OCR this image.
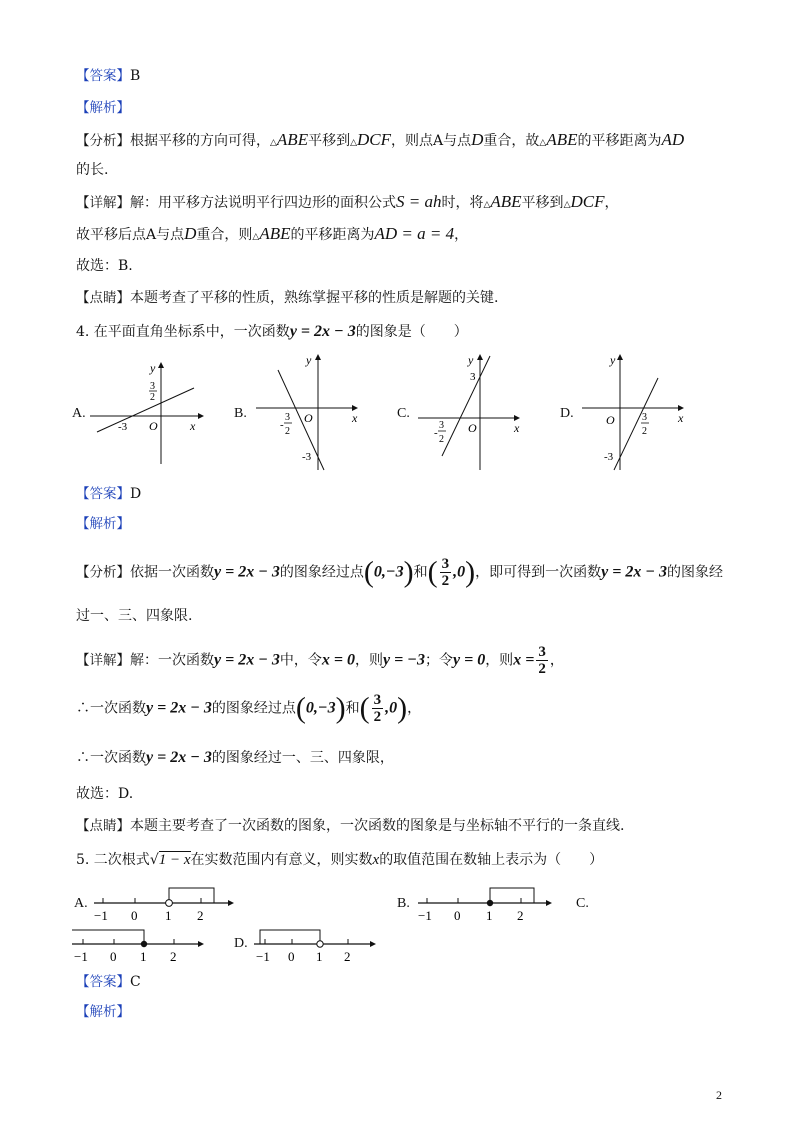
【答案】B
【解析】
【分析】根据平移的方向可得，△ABE平移到△DCF，则点A与点D重合，故△ABE的平移距离为AD
的长.
【详解】解：用平移方法说明平行四边形的面积公式S = ah时，将△ABE平移到△DCF，
故平移后点A与点D重合，则△ABE的平移距离为AD = a = 4，
故选：B.
【点睛】本题考查了平移的性质，熟练掌握平移的性质是解题的关键.
4. 在平面直角坐标系中，一次函数y = 2x − 3的图象是（　　）
A.
x
y
O
-3
3
2
B.	x
y
O
-
3
2
-3
C.
x
y
O
3
-
3
2
D.	x
y
O	3
2
-3
【答案】D
【解析】
【分析】依据一次函数y = 2x − 3的图象经过点(0,−3)和( $\frac{3}{2} ,0$)，即可得到一次函数y = 2x − 3的图象经
过一、三、四象限.
【详解】解：一次函数y = 2x − 3中，令x = 0，则y = −3；令y = 0，则$x = \frac{3}{2}$ ，
∴一次函数y = 2x − 3的图象经过点(0,−3)和( $\frac{3}{2} ,0$)，
∴一次函数y = 2x − 3的图象经过一、三、四象限，
故选：D.
【点睛】本题主要考查了一次函数的图象，一次函数的图象是与坐标轴不平行的一条直线.
5. 二次根式√1 − x在实数范围内有意义，则实数x的取值范围在数轴上表示为（　　）
A.
−1 0 1 2
B.
−1 0 1 2
C.
−1 0 1 2
D.
−1 0 1 2
【答案】C
【解析】
2
